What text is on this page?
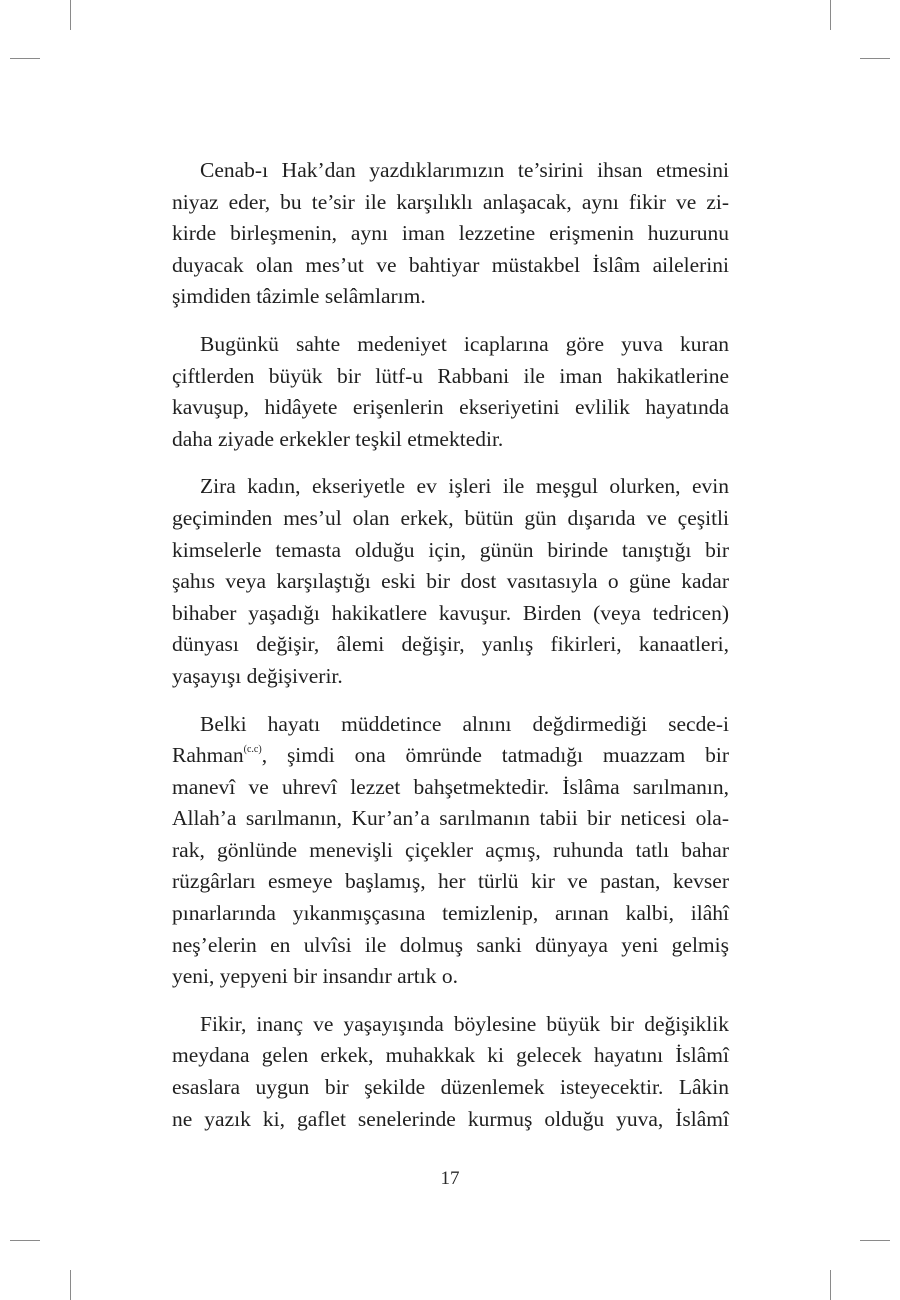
Cenab-ı Hak’dan yazdıklarımızın te’sirini ihsan etmesini
niyaz eder, bu te’sir ile karşılıklı anlaşacak, aynı fikir ve zi-
kirde birleşmenin, aynı iman lezzetine erişmenin huzurunu
duyacak olan mes’ut ve bahtiyar müstakbel İslâm ailelerini
şimdiden tâzimle selâmlarım.

Bugünkü sahte medeniyet icaplarına göre yuva kuran
çiftlerden büyük bir lütf-u Rabbani ile iman hakikatlerine
kavuşup, hidâyete erişenlerin ekseriyetini evlilik hayatında
daha ziyade erkekler teşkil etmektedir.

Zira kadın, ekseriyetle ev işleri ile meşgul olurken, evin
geçiminden mes’ul olan erkek, bütün gün dışarıda ve çeşitli
kimselerle temasta olduğu için, günün birinde tanıştığı bir
şahıs veya karşılaştığı eski bir dost vasıtasıyla o güne kadar
bihaber yaşadığı hakikatlere kavuşur. Birden (veya tedricen)
dünyası değişir, âlemi değişir, yanlış fikirleri, kanaatleri,
yaşayışı değişiverir.

Belki hayatı müddetince alnını değdirmediği secde-i
Rahman$^{(c.c)}$, şimdi ona ömründe tatmadığı muazzam bir
manevî ve uhrevî lezzet bahşetmektedir. İslâma sarılmanın,
Allah’a sarılmanın, Kur’an’a sarılmanın tabii bir neticesi ola-
rak, gönlünde menevişli çiçekler açmış, ruhunda tatlı bahar
rüzgârları esmeye başlamış, her türlü kir ve pastan, kevser
pınarlarında yıkanmışçasına temizlenip, arınan kalbi, ilâhî
neş’elerin en ulvîsi ile dolmuş sanki dünyaya yeni gelmiş
yeni, yepyeni bir insandır artık o.

Fikir, inanç ve yaşayışında böylesine büyük bir değişiklik
meydana gelen erkek, muhakkak ki gelecek hayatını İslâmî
esaslara uygun bir şekilde düzenlemek isteyecektir. Lâkin
ne yazık ki, gaflet senelerinde kurmuş olduğu yuva, İslâmî

17
